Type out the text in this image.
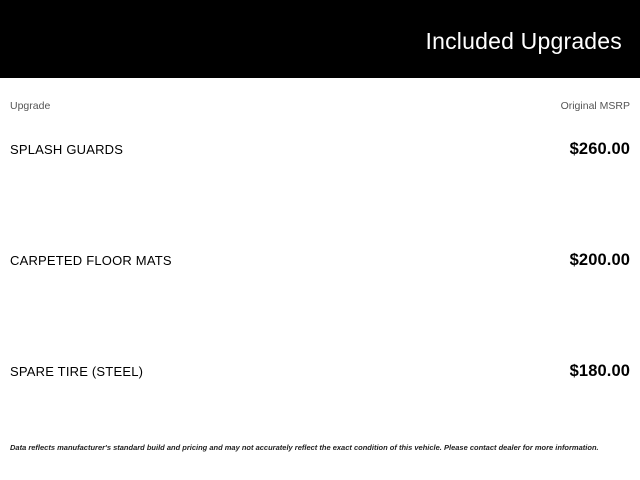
Included Upgrades
Upgrade	Original MSRP
SPLASH GUARDS	$260.00
CARPETED FLOOR MATS	$200.00
SPARE TIRE (STEEL)	$180.00
Data reflects manufacturer's standard build and pricing and may not accurately reflect the exact condition of this vehicle. Please contact dealer for more information.
